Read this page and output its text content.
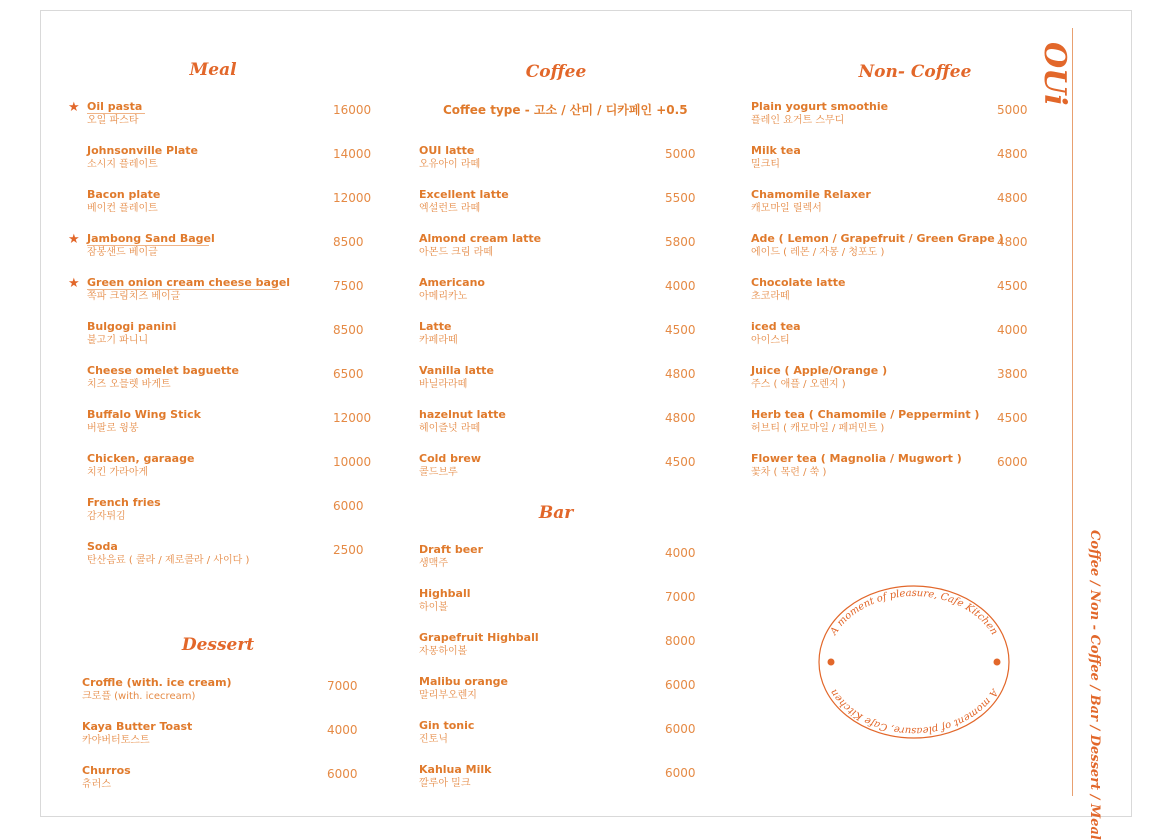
Meal
Oil pasta
오일 파스타
16000
★
Johnsonville Plate
소시지 플레이트
14000
Bacon plate
베이컨 플레이트
12000
Jambong Sand Bagel
잠봉샌드 베이글
8500
★
Green onion cream cheese bagel
쪽파 크림치즈 베이글
7500
★
Bulgogi panini
불고기 파니니
8500
Cheese omelet baguette
치즈 오믈렛 바게트
6500
Buffalo Wing Stick
버팔로 윙봉
12000
Chicken, garaage
치킨 가라아게
10000
French fries
감자튀김
6000
Soda
탄산음료 ( 콜라 / 제로콜라 / 사이다 )
2500
Dessert
Croffle (with. ice cream)
크로플 (with. icecream)
7000
Kaya Butter Toast
카야버터토스트
4000
Churros
츄러스
6000
Coffee
Coffee type - 고소 / 산미 / 디카페인 +0.5
OUI latte
오유아이 라떼
5000
Excellent latte
엑설런트 라떼
5500
Almond cream latte
아몬드 크림 라떼
5800
Americano
아메리카노
4000
Latte
카페라떼
4500
Vanilla latte
바닐라라떼
4800
hazelnut latte
헤이즐넛 라떼
4800
Cold brew
콜드브루
4500
Bar
Draft beer
생맥주
4000
Highball
하이볼
7000
Grapefruit Highball
자몽하이볼
8000
Malibu orange
말리부오렌지
6000
Gin tonic
진토닉
6000
Kahlua Milk
깔루아 밀크
6000
Non- Coffee
Plain yogurt smoothie
플레인 요거트 스무디
5000
Milk tea
밀크티
4800
Chamomile Relaxer
캐모마일 릴렉서
4800
Ade ( Lemon / Grapefruit / Green Grape )
에이드 ( 레몬 / 자몽 / 청포도 )
4800
Chocolate latte
초코라떼
4500
iced tea
아이스티
4000
Juice ( Apple/Orange )
주스 ( 애플 / 오렌지 )
3800
Herb tea ( Chamomile / Peppermint )
허브티 ( 캐모마일 / 페퍼민트 )
4500
Flower tea ( Magnolia / Mugwort )
꽃차 ( 목련 / 쑥 )
6000
OUi
Coffee / Non - Coffee / Bar / Dessert / Meal
A moment of pleasure, Cafe Kitchen
A moment of pleasure, Cafe Kitchen
